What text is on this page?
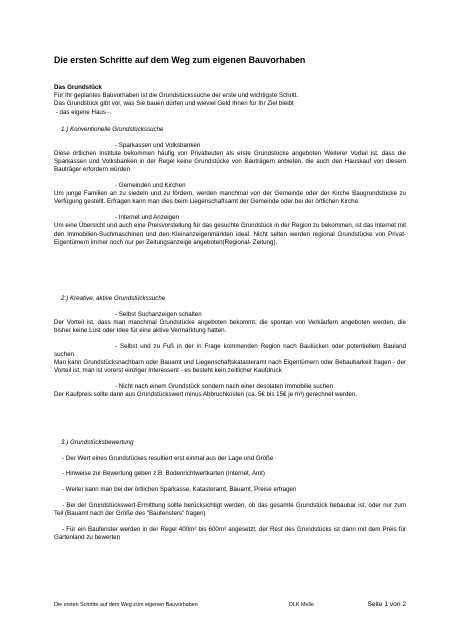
Die ersten Schritte auf dem Weg zum eigenen Bauvorhaben

Das Grundstück

Für Ihr geplantes Bauvorhaben ist die Grundstückssuche der erste und wichtigste Schritt.

Das Grundstück gibt vor, was Sie bauen dürfen und wieviel Geld Ihnen für Ihr Ziel bleibt

- das eigene Haus -.

1.) Konventionelle Grundstückssuche

- Sparkassen und Volksbanken

Diese örtlichen Institute bekommen häufig von Privatleuten als erste Grundstücke angeboten Weiterer Vorteil ist, dass die Sparkassen und Volksbanken in der Regel keine Grundstücke von Bauträgern anbieten, die auch den Hauskauf von diesem Bauträger erfordern würden

- Gemeinden und Kirchen

Um junge Familien an zu siedeln und zu fördern, werden manchmal von der Gemeinde oder der Kirche Baugrundstücke zu Verfügung gestellt. Erfragen kann man dies beim Liegenschaftsamt der Gemeinde oder bei der örtlichen Kirche.

- Internet und Anzeigen

Um eine Übersicht und auch eine Preisvorstellung für das gesuchte Grundstück in der Region zu bekommen, ist das Internet mit den Immobilien-Suchmaschinen und den Kleinanzeigenmärkten ideal. Nicht selten werden regional Grundstücke von Privat-Eigentümern immer noch nur per Zeitungsanzeige angeboten(Regional- Zeitung).

2.) Kreative, aktive Grundstückssuche

- Selbst Suchanzeigen schalten

Der Vorteil ist, dass man manchmal Grundstücke angeboten bekommt, die spontan von Verkäufern angeboten werden, die bisher keine Lust oder Idee für eine aktive Vermarktung hatten.

- Selbst und zu Fuß in der in Frage kommenden Region nach Baulücken oder potentiellem Bauland suchen.

Man kann Grundstücksnachbarn oder Bauamt und Liegenschaftskatasteramt nach Eigentümern oder Bebaubarkeit fragen - der Vorteil ist, man ist vorerst einziger Interessent - es besteht kein zeitlicher Kaufdruck

- Nicht nach einem Grundstück sondern nach einer desolaten Immobilie suchen

Der Kaufpreis sollte dann aus Grundstückswert minus Abbruchkosten (ca. 5€ bis 15€ je m³) gerechnet werden.

3.) Grundstücksbewertung

- Der Wert eines Grundstückes resultiert erst einmal aus der Lage und Größe

- Hinweise zur Bewertung geben z.B. Bodenrichtwertkarten (Internet, Amt)

- Weiter kann man bei der örtlichen Sparkasse, Katasteramt, Bauamt, Preise erfragen

- Bei der Grundstückswert-Ermittlung sollte berücksichtigt werden, ob das gesamte Grundstück bebaubar ist, oder nur zum Teil (Bauamt nach der Größe des "Baufensters" fragen)

- Für ein Baufenster werden in der Regel 400m² bis 600m² angesetzt, der Rest des Grundstücks ist dann mit dem Preis für Gartenland zu bewerten

Die ersten Schritte auf dem Weg zum eigenen Bauvorhaben	DLK Melle	Seite 1 von 2
